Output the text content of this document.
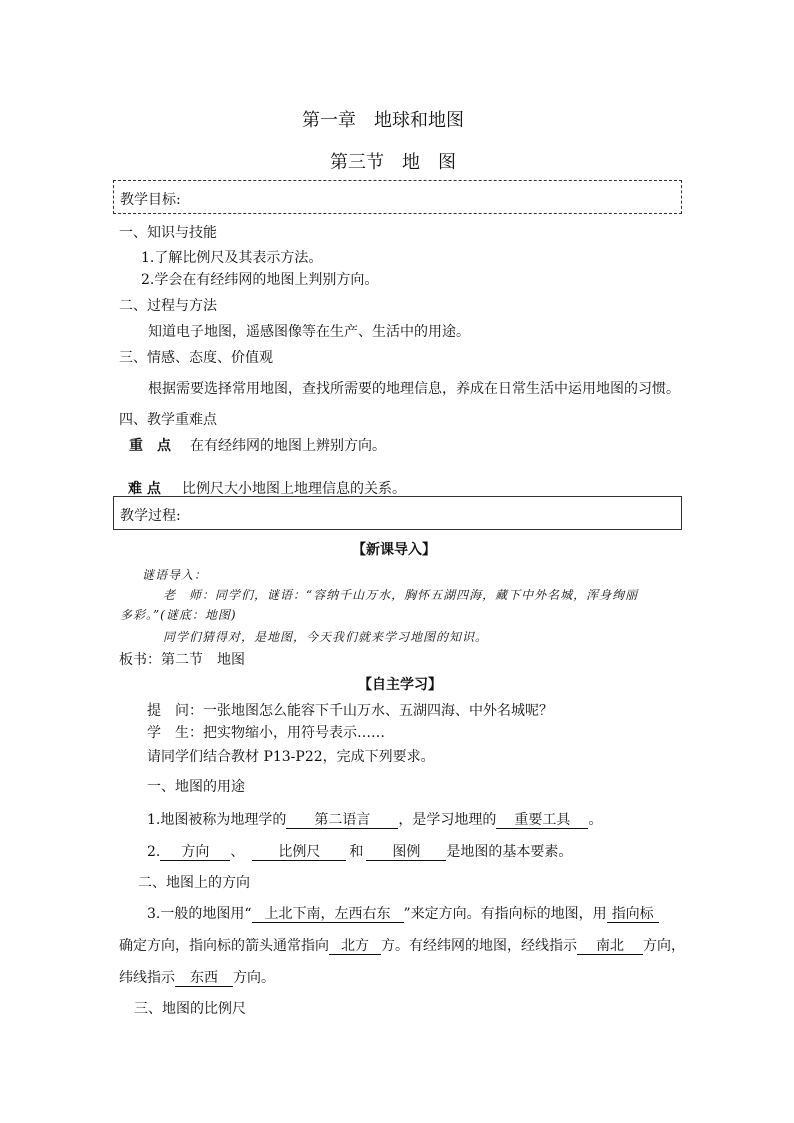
第一章　地球和地图
第三节　地　图
教学目标:
一、知识与技能
1.了解比例尺及其表示方法。
2.学会在有经纬网的地图上判别方向。
二、过程与方法
知道电子地图，遥感图像等在生产、生活中的用途。
三、情感、态度、价值观
根据需要选择常用地图，查找所需要的地理信息，养成在日常生活中运用地图的习惯。
四、教学重难点
重　点 在有经纬网的地图上辨别方向。
难 点 比例尺大小地图上地理信息的关系。
教学过程:
【新课导入】
谜语导入：
老　师：同学们，谜语：“容纳千山万水，胸怀五湖四海，藏下中外名城，浑身绚丽
多彩。”(谜底：地图)
同学们猜得对，是地图，今天我们就来学习地图的知识。
板书：第二节　地图
【自主学习】
提　问：一张地图怎么能容下千山万水、五湖四海、中外名城呢？
学　生：把实物缩小，用符号表示……
请同学们结合教材 P13-P22，完成下列要求。
一、地图的用途
1.地图被称为地理学的 第二语言 ，是学习地理的 重要工具 。
2. 方向 、 比例尺 和 图例 是地图的基本要素。
二、地图上的方向
3.一般的地图用“ 上北下南，左西右东 ”来定方向。有指向标的地图，用 指向标
确定方向，指向标的箭头通常指向 北方 方。有经纬网的地图，经线指示 南北 方向，
纬线指示 东西 方向。
三、地图的比例尺
